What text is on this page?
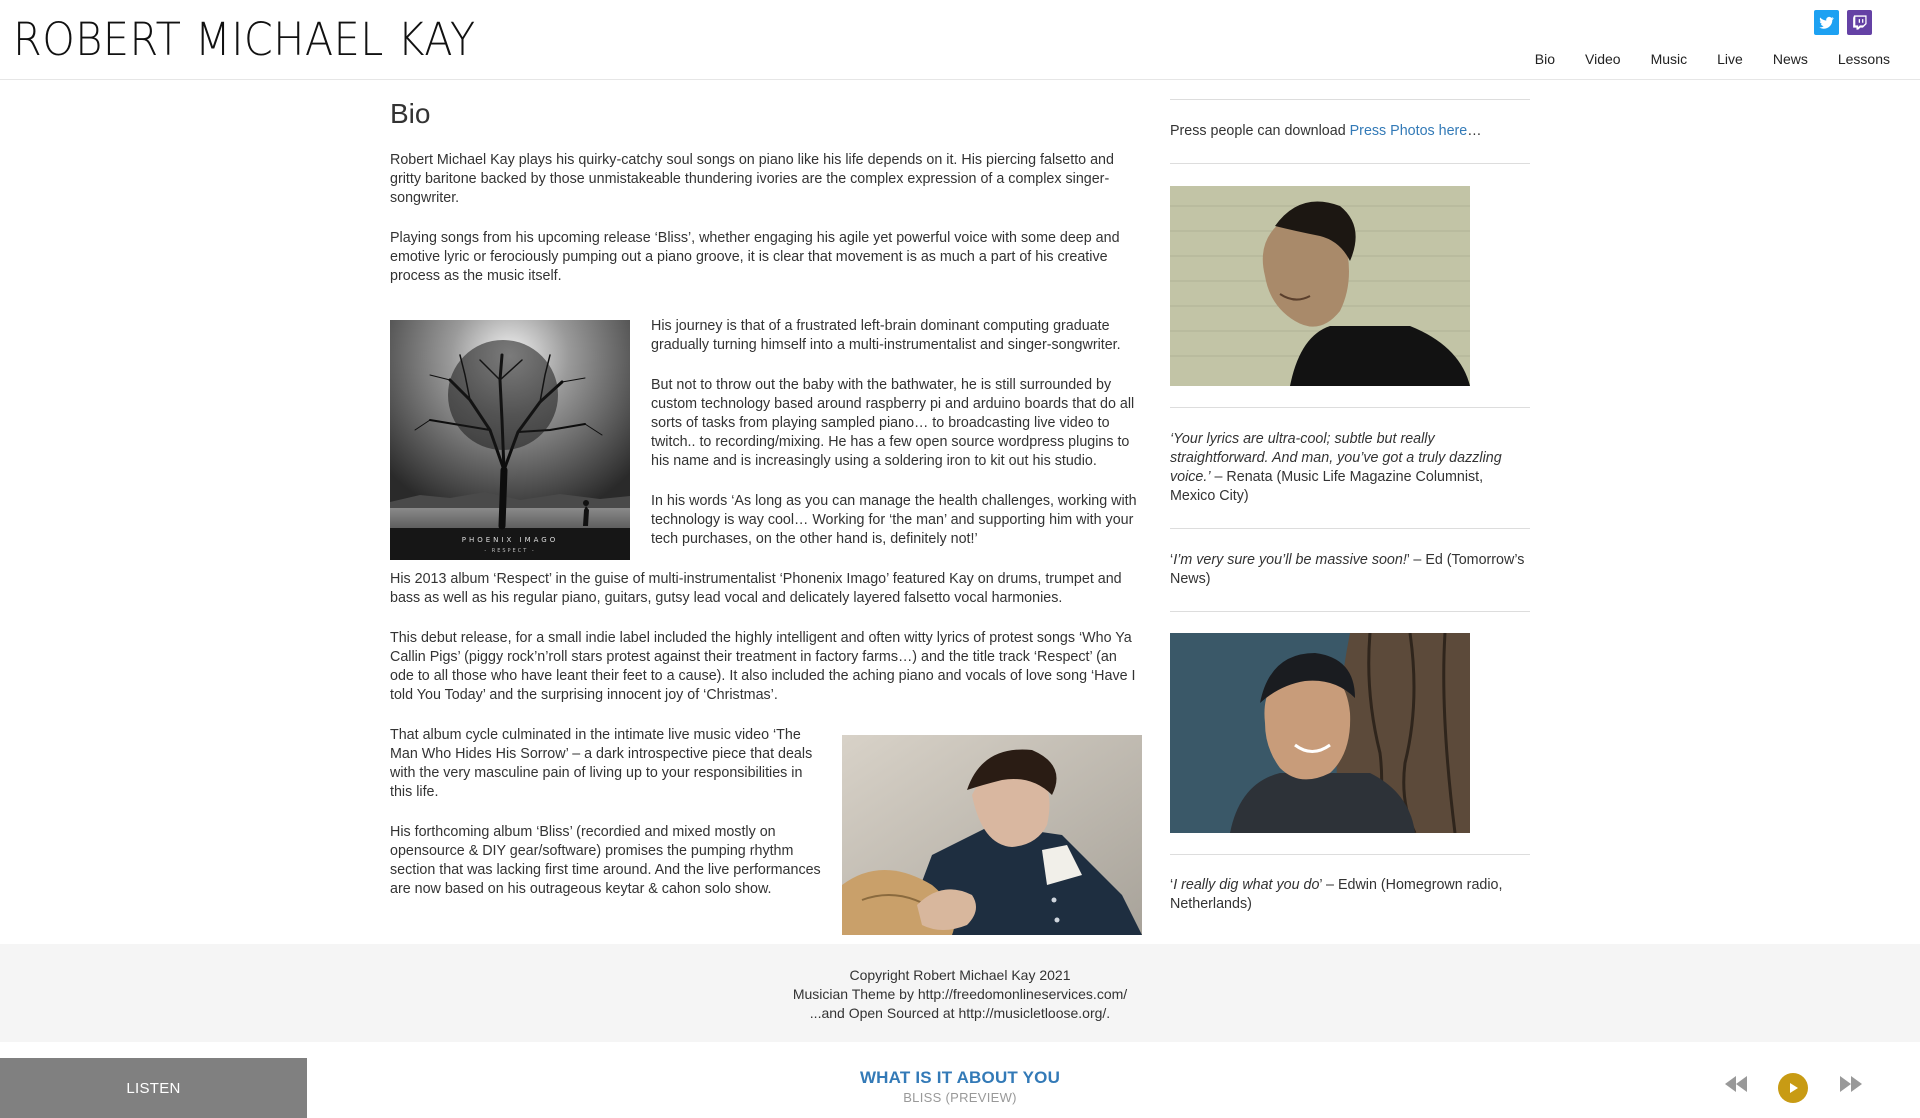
ROBERT MICHAEL KAY	Bio Video Music Live News Lessons
Bio

Robert Michael Kay plays his quirky-catchy soul songs on piano like his life depends on it. His piercing falsetto and gritty baritone backed by those unmistakeable thundering ivories are the complex expression of a complex singer-songwriter.

Playing songs from his upcoming release ‘Bliss’, whether engaging his agile yet powerful voice with some deep and emotive lyric or ferociously pumping out a piano groove, it is clear that movement is as much a part of his creative process as the music itself.

PHOENIX IMAGO
- RESPECT -

His journey is that of a frustrated left-brain dominant computing graduate gradually turning himself into a multi-instrumentalist and singer-songwriter.

But not to throw out the baby with the bathwater, he is still surrounded by custom technology based around raspberry pi and arduino boards that do all sorts of tasks from playing sampled piano… to broadcasting live video to twitch.. to recording/mixing. He has a few open source wordpress plugins to his name and is increasingly using a soldering iron to kit out his studio.

In his words ‘As long as you can manage the health challenges, working with technology is way cool… Working for ‘the man’ and supporting him with your tech purchases, on the other hand is, definitely not!’

His 2013 album ‘Respect’ in the guise of multi-instrumentalist ‘Phonenix Imago’ featured Kay on drums, trumpet and bass as well as his regular piano, guitars, gutsy lead vocal and delicately layered falsetto vocal harmonies.

This debut release, for a small indie label included the highly intelligent and often witty lyrics of protest songs ‘Who Ya Callin Pigs’ (piggy rock’n’roll stars protest against their treatment in factory farms…) and the title track ‘Respect’ (an ode to all those who have leant their feet to a cause). It also included the aching piano and vocals of love song ‘Have I told You Today’ and the surprising innocent joy of ‘Christmas’.

That album cycle culminated in the intimate live music video ‘The Man Who Hides His Sorrow’ – a dark introspective piece that deals with the very masculine pain of living up to your responsibilities in this life.

His forthcoming album ‘Bliss’ (recordied and mixed mostly on opensource & DIY gear/software) promises the pumping rhythm section that was lacking first time around. And the live performances are now based on his outrageous keytar & cahon solo show.

Press people can download Press Photos here…

‘Your lyrics are ultra-cool; subtle but really straightforward. And man, you’ve got a truly dazzling voice.’ – Renata (Music Life Magazine Columnist, Mexico City)

‘I’m very sure you’ll be massive soon!’ – Ed (Tomorrow’s News)

‘I really dig what you do’ – Edwin (Homegrown radio, Netherlands)

Copyright Robert Michael Kay 2021
Musician Theme by http://freedomonlineservices.com/
...and Open Sourced at http://musicletloose.org/.
LISTEN
WHAT IS IT ABOUT YOU
BLISS (PREVIEW)
